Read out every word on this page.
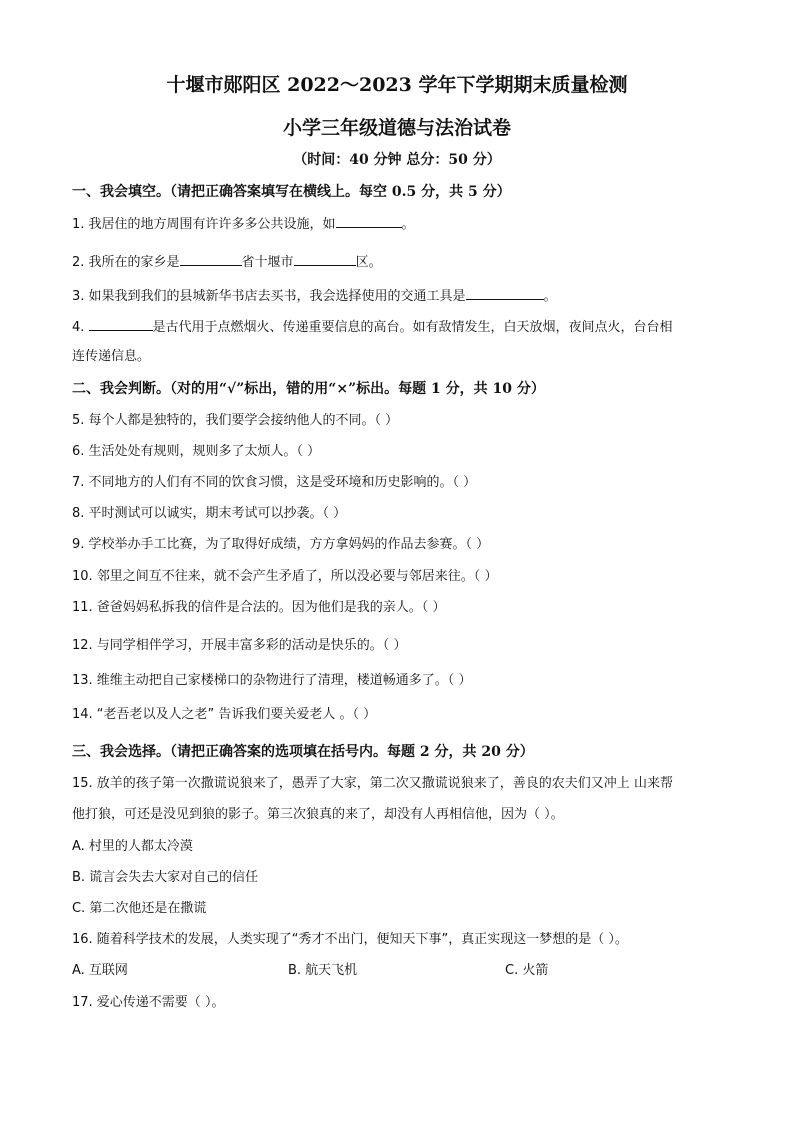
十堰市郧阳区 2022～2023 学年下学期期末质量检测
小学三年级道德与法治试卷
（时间：40 分钟 总分：50 分）
一、我会填空。（请把正确答案填写在横线上。每空 0.5 分，共 5 分）
1. 我居住的地方周围有许许多多公共设施，如	。
2. 我所在的家乡是	省十堰市	区。
3. 如果我到我们的县城新华书店去买书，我会选择使用的交通工具是	。
4.	是古代用于点燃烟火、传递重要信息的高台。如有敌情发生，白天放烟，夜间点火，台台相
连传递信息。
二、我会判断。（对的用“√”标出，错的用“×”标出。每题 1 分，共 10 分）
5. 每个人都是独特的，我们要学会接纳他人的不同。（ ）
6. 生活处处有规则，规则多了太烦人。（ ）
7. 不同地方的人们有不同的饮食习惯，这是受环境和历史影响的。（ ）
8. 平时测试可以诚实，期末考试可以抄袭。（ ）
9. 学校举办手工比赛，为了取得好成绩，方方拿妈妈的作品去参赛。（ ）
10. 邻里之间互不往来，就不会产生矛盾了，所以没必要与邻居来往。（ ）
11. 爸爸妈妈私拆我的信件是合法的。因为他们是我的亲人。（ ）
12. 与同学相伴学习，开展丰富多彩的活动是快乐的。（ ）
13. 维维主动把自己家楼梯口的杂物进行了清理，楼道畅通多了。（ ）
14. “老吾老以及人之老” 告诉我们要关爱老人 。（ ）
三、我会选择。（请把正确答案的选项填在括号内。每题 2 分，共 20 分）
15. 放羊的孩子第一次撒谎说狼来了，愚弄了大家，第二次又撒谎说狼来了，善良的农夫们又冲上 山来帮
他打狼，可还是没见到狼的影子。第三次狼真的来了，却没有人再相信他，因为（ ）。
A. 村里的人都太冷漠
B. 谎言会失去大家对自己的信任
C. 第二次他还是在撒谎
16. 随着科学技术的发展，人类实现了“秀才不出门，便知天下事”，真正实现这一梦想的是（ ）。
A. 互联网	B. 航天飞机	C. 火箭
17. 爱心传递不需要（ ）。
